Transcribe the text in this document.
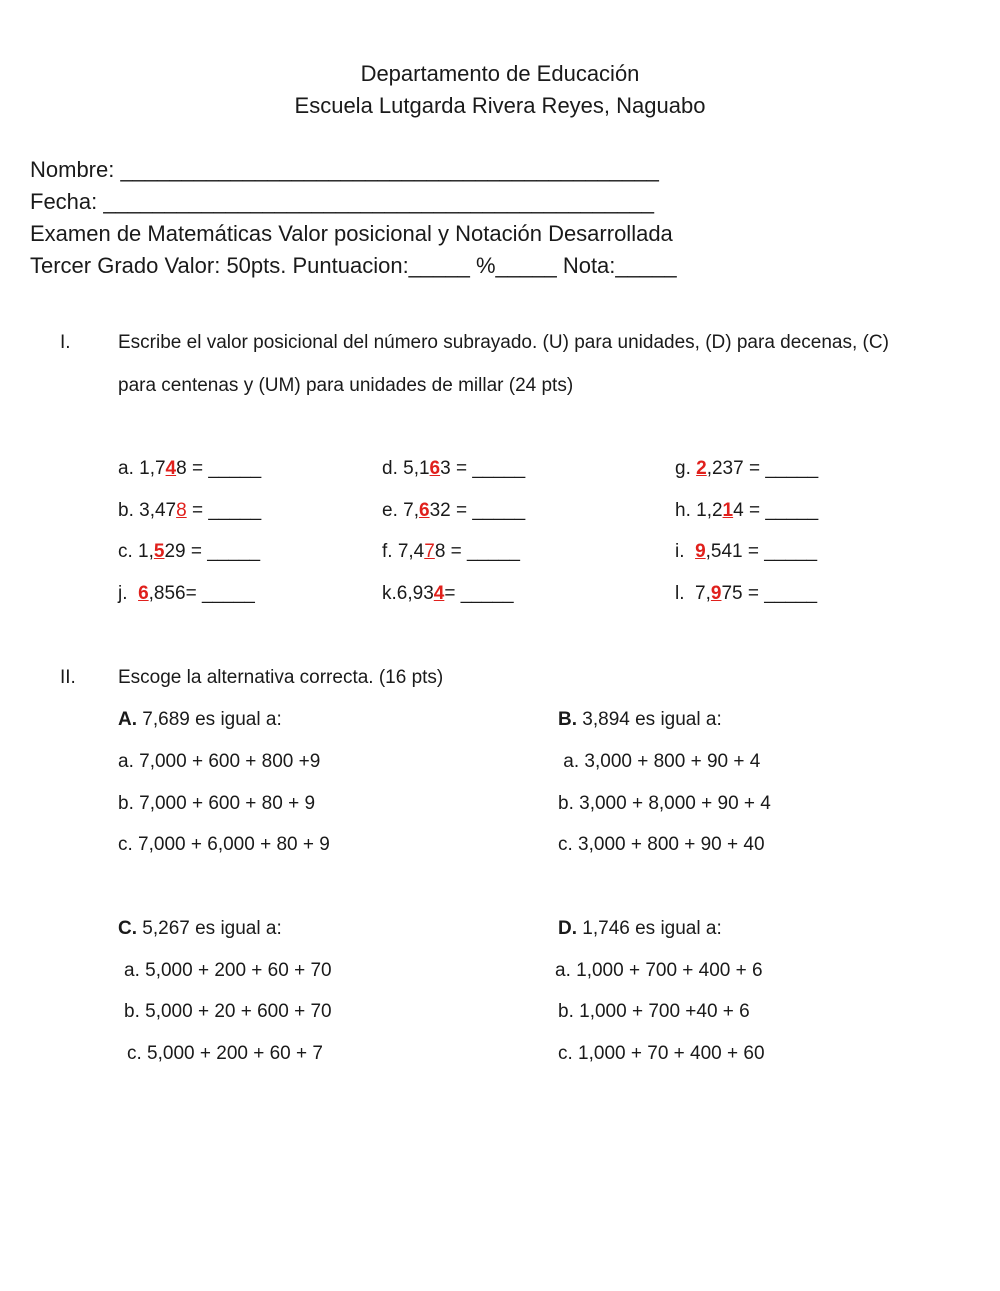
Departamento de Educación
Escuela Lutgarda Rivera Reyes, Naguabo
Nombre: ____________________________________________
Fecha: _____________________________________________
Examen de Matemáticas Valor posicional y Notación Desarrollada
Tercer Grado Valor: 50pts. Puntuacion:_____ %_____ Nota:_____
I. Escribe el valor posicional del número subrayado. (U) para unidades, (D) para decenas, (C)
para centenas y (UM) para unidades de millar (24 pts)
a. 1,748 = _____	d. 5,163 = _____	g. 2,237 = _____
b. 3,478 = _____	e. 7,632 = _____	h. 1,214 = _____
c. 1,529 = _____	f. 7,478 = _____	i.  9,541 = _____
j.  6,856= _____	k.6,934= _____	l.  7,975 = _____
II. Escoge la alternativa correcta. (16 pts)
A. 7,689 es igual a:
a. 7,000 + 600 + 800 +9
b. 7,000 + 600 + 80 + 9
c. 7,000 + 6,000 + 80 + 9
B. 3,894 es igual a:
a. 3,000 + 800 + 90 + 4
b. 3,000 + 8,000 + 90 + 4
c. 3,000 + 800 + 90 + 40
C. 5,267 es igual a:
a. 5,000 + 200 + 60 + 70
b. 5,000 + 20 + 600 + 70
c. 5,000 + 200 + 60 + 7
D. 1,746 es igual a:
a. 1,000 + 700 + 400 + 6
b. 1,000 + 700 +40 + 6
c. 1,000 + 70 + 400 + 60
